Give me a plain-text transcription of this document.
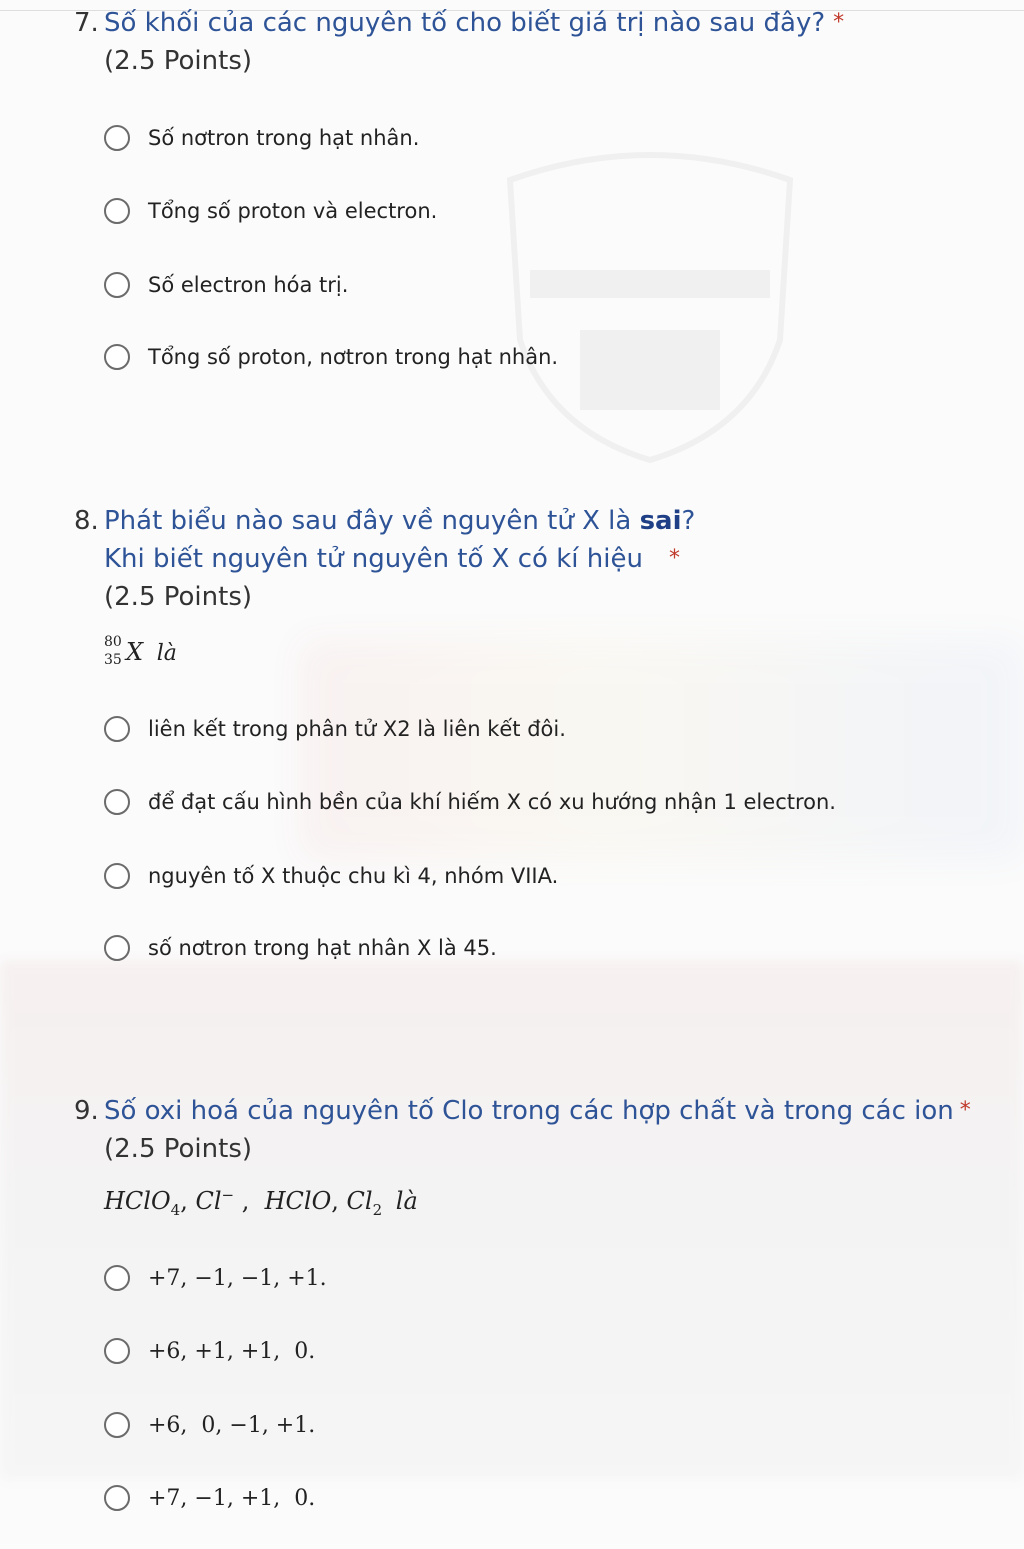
7. Số khối của các nguyên tố cho biết giá trị nào sau đây? *
(2.5 Points)
Số nơtron trong hạt nhân.
Tổng số proton và electron.
Số electron hóa trị.
Tổng số proton, nơtron trong hạt nhân.
8. Phát biểu nào sau đây về nguyên tử X là sai?
Khi biết nguyên tử nguyên tố X có kí hiệu *
(2.5 Points)
80
35 X là
liên kết trong phân tử X2 là liên kết đôi.
để đạt cấu hình bền của khí hiếm X có xu hướng nhận 1 electron.
nguyên tố X thuộc chu kì 4, nhóm VIIA.
số nơtron trong hạt nhân X là 45.
9. Số oxi hoá của nguyên tố Clo trong các hợp chất và trong các ion *
(2.5 Points)
HClO$_4$, Cl− ,  HClO, $Cl_2$ là
+7, −1, −1, +1.
+6, +1, +1,  0.
+6,  0, −1, +1.
+7, −1, +1,  0.
